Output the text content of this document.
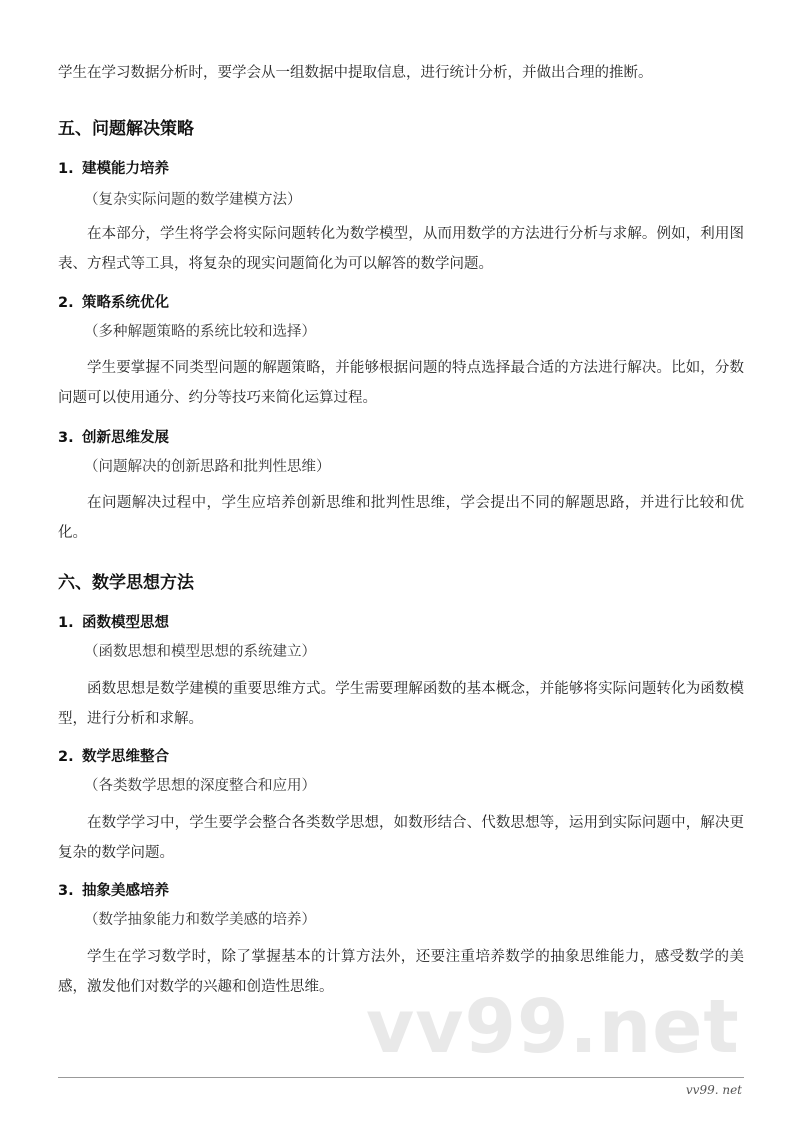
学生在学习数据分析时，要学会从一组数据中提取信息，进行统计分析，并做出合理的推断。

五、问题解决策略
1. 建模能力培养

（复杂实际问题的数学建模方法）

在本部分，学生将学会将实际问题转化为数学模型，从而用数学的方法进行分析与求解。例如，利用图表、方程式等工具，将复杂的现实问题简化为可以解答的数学问题。

2. 策略系统优化

（多种解题策略的系统比较和选择）

学生要掌握不同类型问题的解题策略，并能够根据问题的特点选择最合适的方法进行解决。比如，分数问题可以使用通分、约分等技巧来简化运算过程。

3. 创新思维发展

（问题解决的创新思路和批判性思维）

在问题解决过程中，学生应培养创新思维和批判性思维，学会提出不同的解题思路，并进行比较和优化。

六、数学思想方法
1. 函数模型思想

（函数思想和模型思想的系统建立）

函数思想是数学建模的重要思维方式。学生需要理解函数的基本概念，并能够将实际问题转化为函数模型，进行分析和求解。

2. 数学思维整合

（各类数学思想的深度整合和应用）

在数学学习中，学生要学会整合各类数学思想，如数形结合、代数思想等，运用到实际问题中，解决更复杂的数学问题。

3. 抽象美感培养

（数学抽象能力和数学美感的培养）

学生在学习数学时，除了掌握基本的计算方法外，还要注重培养数学的抽象思维能力，感受数学的美感，激发他们对数学的兴趣和创造性思维。 vv99.net
vv99. net
